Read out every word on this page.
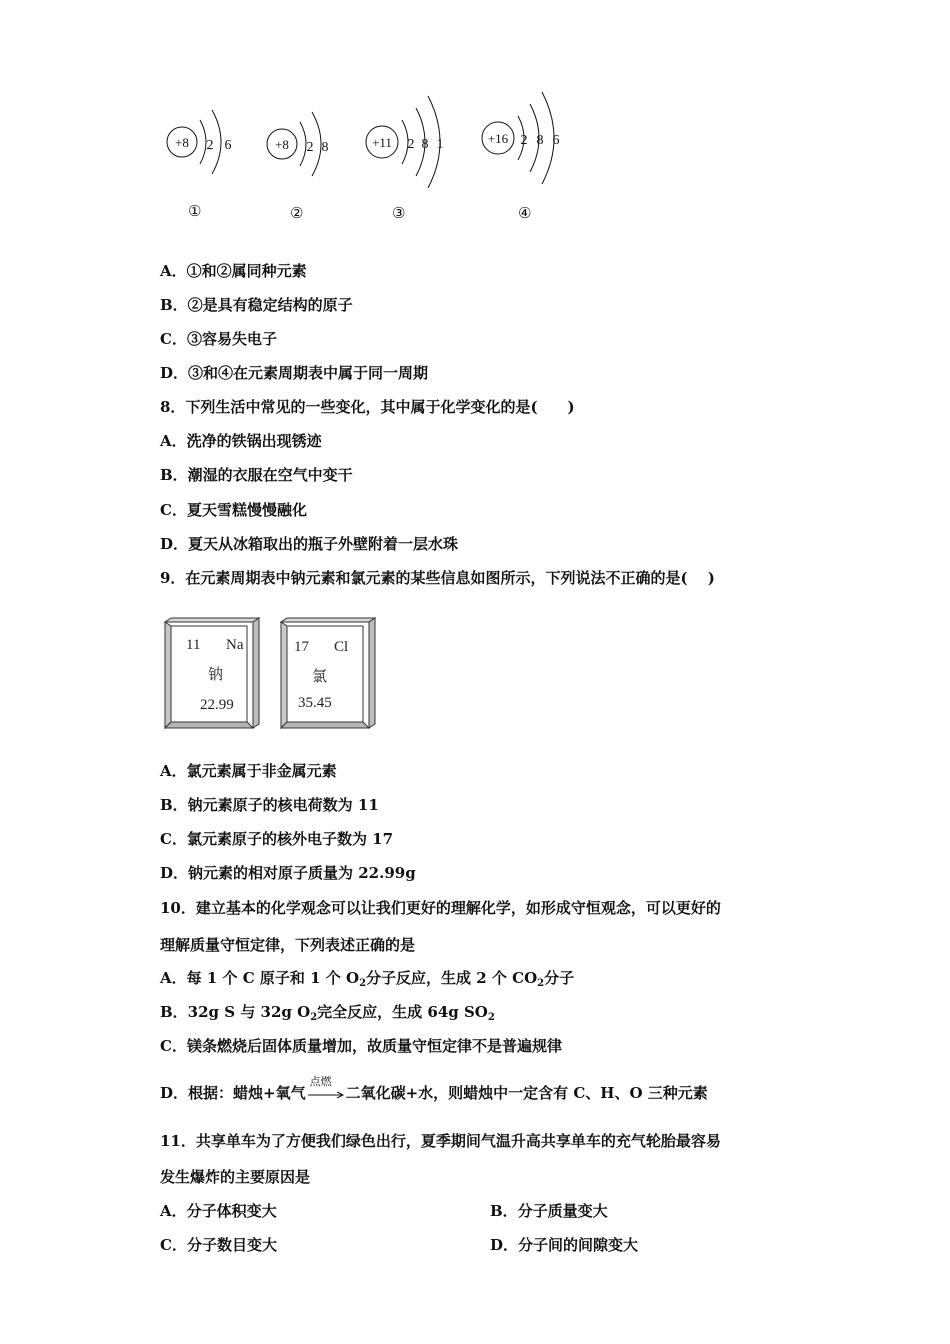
+8 2 6
①
+8 2 8
②
+11 2 8 1
③
+16 2 8 6
④
A．①和②属同种元素
B．②是具有稳定结构的原子
C．③容易失电子
D．③和④在元素周期表中属于同一周期
8．下列生活中常见的一些变化，其中属于化学变化的是(　　)
A．洗净的铁锅出现锈迹
B．潮湿的衣服在空气中变干
C．夏天雪糕慢慢融化
D．夏天从冰箱取出的瓶子外壁附着一层水珠
9．在元素周期表中钠元素和氯元素的某些信息如图所示，下列说法不正确的是(　 )
11 Na
钠
22.99
17 Cl
氯
35.45
A．氯元素属于非金属元素
B．钠元素原子的核电荷数为 11
C．氯元素原子的核外电子数为 17
D．钠元素的相对原子质量为 22.99g
10．建立基本的化学观念可以让我们更好的理解化学，如形成守恒观念，可以更好的
理解质量守恒定律，下列表述正确的是
A．每 1 个 C 原子和 1 个 $O_2$分子反应，生成 2 个 $CO_2$分子
B．32g S 与 32g $O_2$完全反应，生成 64g $SO_2$
C．镁条燃烧后固体质量增加，故质量守恒定律不是普遍规律
D．根据：蜡烛+氧气
点燃
二氧化碳+水，则蜡烛中一定含有 C、H、O 三种元素
11．共享单车为了方便我们绿色出行，夏季期间气温升高共享单车的充气轮胎最容易
发生爆炸的主要原因是
A．分子体积变大	B．分子质量变大
C．分子数目变大	D．分子间的间隙变大
